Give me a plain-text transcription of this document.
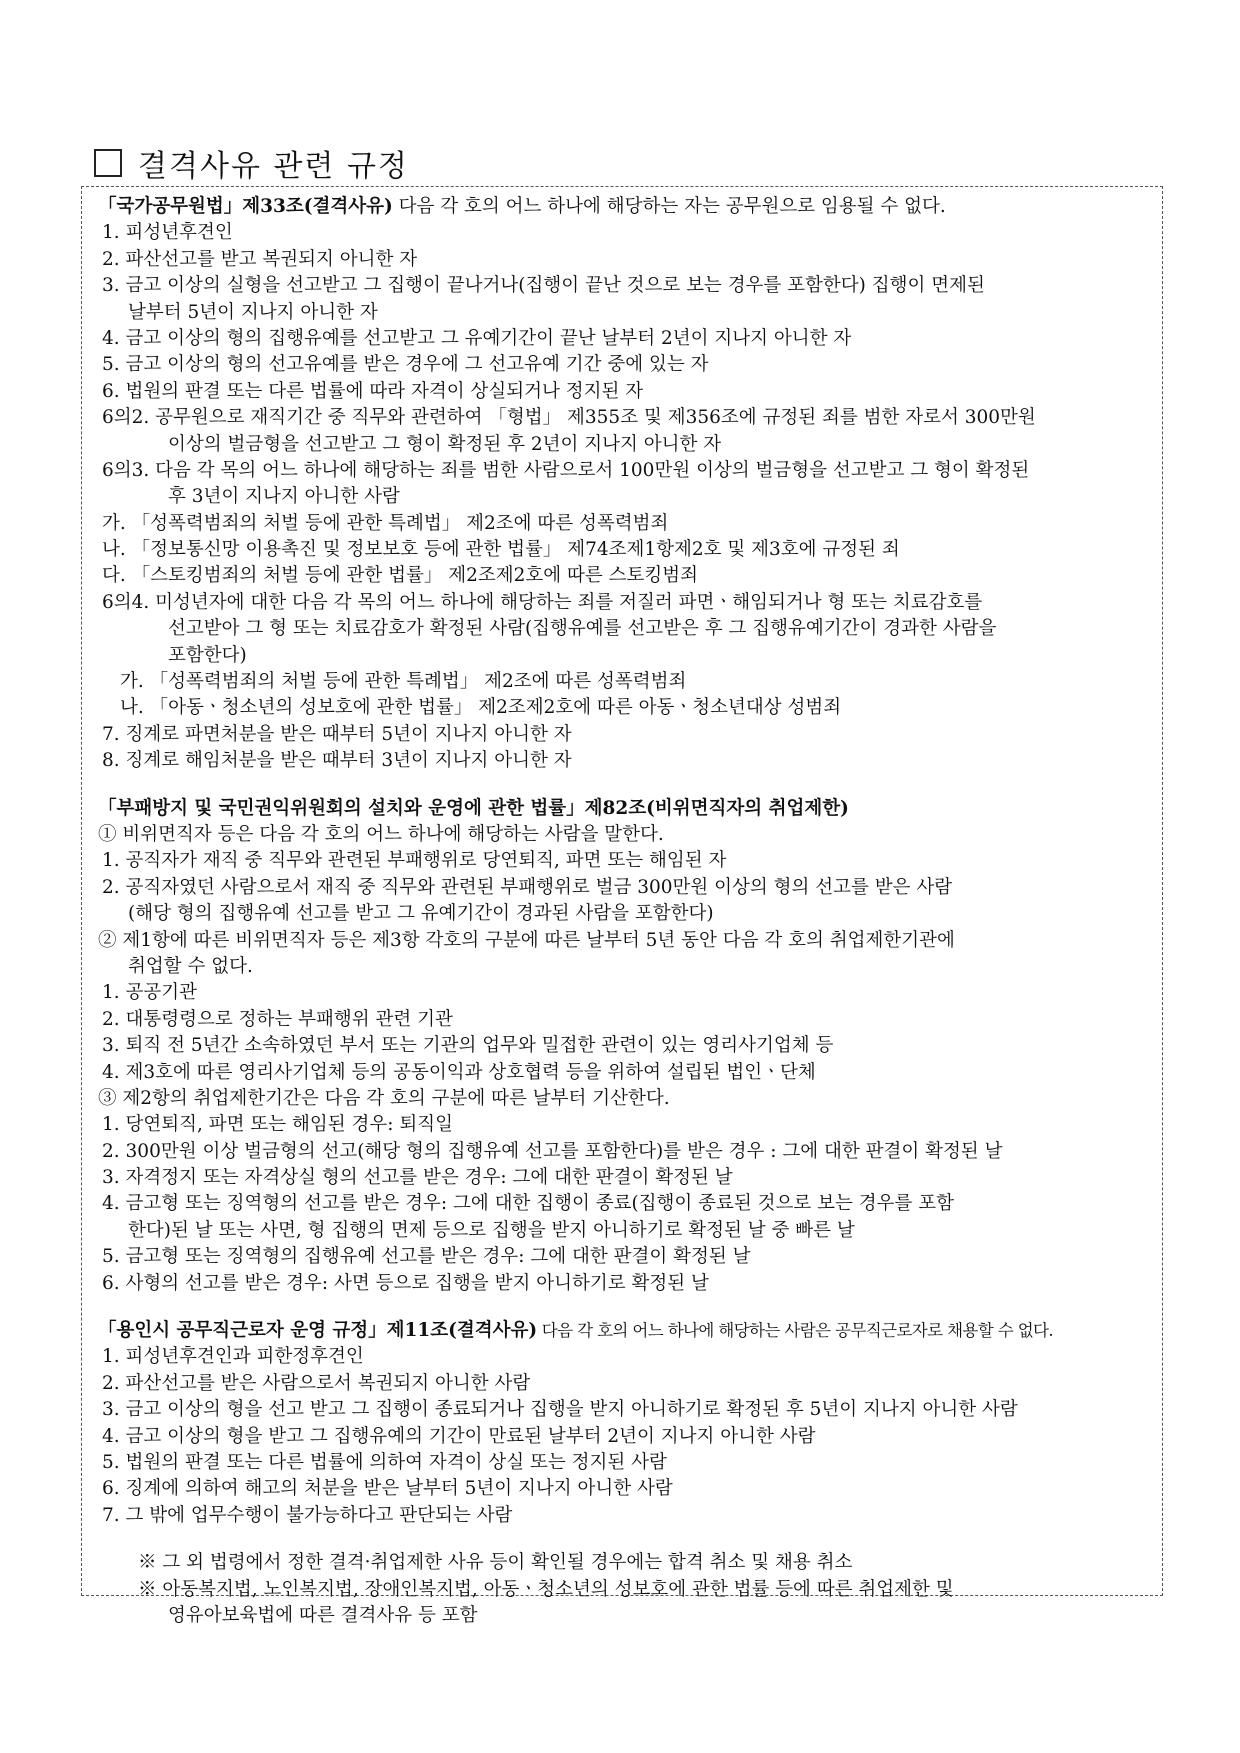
결격사유 관련 규정
「국가공무원법」제33조(결격사유) 다음 각 호의 어느 하나에 해당하는 자는 공무원으로 임용될 수 없다.
1. 피성년후견인
2. 파산선고를 받고 복권되지 아니한 자
3. 금고 이상의 실형을 선고받고 그 집행이 끝나거나(집행이 끝난 것으로 보는 경우를 포함한다) 집행이 면제된
날부터 5년이 지나지 아니한 자
4. 금고 이상의 형의 집행유예를 선고받고 그 유예기간이 끝난 날부터 2년이 지나지 아니한 자
5. 금고 이상의 형의 선고유예를 받은 경우에 그 선고유예 기간 중에 있는 자
6. 법원의 판결 또는 다른 법률에 따라 자격이 상실되거나 정지된 자
6의2. 공무원으로 재직기간 중 직무와 관련하여 「형법」 제355조 및 제356조에 규정된 죄를 범한 자로서 300만원
이상의 벌금형을 선고받고 그 형이 확정된 후 2년이 지나지 아니한 자
6의3. 다음 각 목의 어느 하나에 해당하는 죄를 범한 사람으로서 100만원 이상의 벌금형을 선고받고 그 형이 확정된
후 3년이 지나지 아니한 사람
가. 「성폭력범죄의 처벌 등에 관한 특례법」 제2조에 따른 성폭력범죄
나. 「정보통신망 이용촉진 및 정보보호 등에 관한 법률」 제74조제1항제2호 및 제3호에 규정된 죄
다. 「스토킹범죄의 처벌 등에 관한 법률」 제2조제2호에 따른 스토킹범죄
6의4. 미성년자에 대한 다음 각 목의 어느 하나에 해당하는 죄를 저질러 파면ㆍ해임되거나 형 또는 치료감호를
선고받아 그 형 또는 치료감호가 확정된 사람(집행유예를 선고받은 후 그 집행유예기간이 경과한 사람을
포함한다)
가. 「성폭력범죄의 처벌 등에 관한 특례법」 제2조에 따른 성폭력범죄
나. 「아동ㆍ청소년의 성보호에 관한 법률」 제2조제2호에 따른 아동ㆍ청소년대상 성범죄
7. 징계로 파면처분을 받은 때부터 5년이 지나지 아니한 자
8. 징계로 해임처분을 받은 때부터 3년이 지나지 아니한 자
「부패방지 및 국민권익위원회의 설치와 운영에 관한 법률」제82조(비위면직자의 취업제한)
① 비위면직자 등은 다음 각 호의 어느 하나에 해당하는 사람을 말한다.
1. 공직자가 재직 중 직무와 관련된 부패행위로 당연퇴직, 파면 또는 해임된 자
2. 공직자였던 사람으로서 재직 중 직무와 관련된 부패행위로 벌금 300만원 이상의 형의 선고를 받은 사람
(해당 형의 집행유예 선고를 받고 그 유예기간이 경과된 사람을 포함한다)
② 제1항에 따른 비위면직자 등은 제3항 각호의 구분에 따른 날부터 5년 동안 다음 각 호의 취업제한기관에
취업할 수 없다.
1. 공공기관
2. 대통령령으로 정하는 부패행위 관련 기관
3. 퇴직 전 5년간 소속하였던 부서 또는 기관의 업무와 밀접한 관련이 있는 영리사기업체 등
4. 제3호에 따른 영리사기업체 등의 공동이익과 상호협력 등을 위하여 설립된 법인ㆍ단체
③ 제2항의 취업제한기간은 다음 각 호의 구분에 따른 날부터 기산한다.
1. 당연퇴직, 파면 또는 해임된 경우: 퇴직일
2. 300만원 이상 벌금형의 선고(해당 형의 집행유예 선고를 포함한다)를 받은 경우 : 그에 대한 판결이 확정된 날
3. 자격정지 또는 자격상실 형의 선고를 받은 경우: 그에 대한 판결이 확정된 날
4. 금고형 또는 징역형의 선고를 받은 경우: 그에 대한 집행이 종료(집행이 종료된 것으로 보는 경우를 포함
한다)된 날 또는 사면, 형 집행의 면제 등으로 집행을 받지 아니하기로 확정된 날 중 빠른 날
5. 금고형 또는 징역형의 집행유예 선고를 받은 경우: 그에 대한 판결이 확정된 날
6. 사형의 선고를 받은 경우: 사면 등으로 집행을 받지 아니하기로 확정된 날
「용인시 공무직근로자 운영 규정」제11조(결격사유) 다음 각 호의 어느 하나에 해당하는 사람은 공무직근로자로 채용할 수 없다.
1. 피성년후견인과 피한정후견인
2. 파산선고를 받은 사람으로서 복권되지 아니한 사람
3. 금고 이상의 형을 선고 받고 그 집행이 종료되거나 집행을 받지 아니하기로 확정된 후 5년이 지나지 아니한 사람
4. 금고 이상의 형을 받고 그 집행유예의 기간이 만료된 날부터 2년이 지나지 아니한 사람
5. 법원의 판결 또는 다른 법률에 의하여 자격이 상실 또는 정지된 사람
6. 징계에 의하여 해고의 처분을 받은 날부터 5년이 지나지 아니한 사람
7. 그 밖에 업무수행이 불가능하다고 판단되는 사람
※ 그 외 법령에서 정한 결격·취업제한 사유 등이 확인될 경우에는 합격 취소 및 채용 취소
※ 아동복지법, 노인복지법, 장애인복지법, 아동ㆍ청소년의 성보호에 관한 법률 등에 따른 취업제한 및
영유아보육법에 따른 결격사유 등 포함
